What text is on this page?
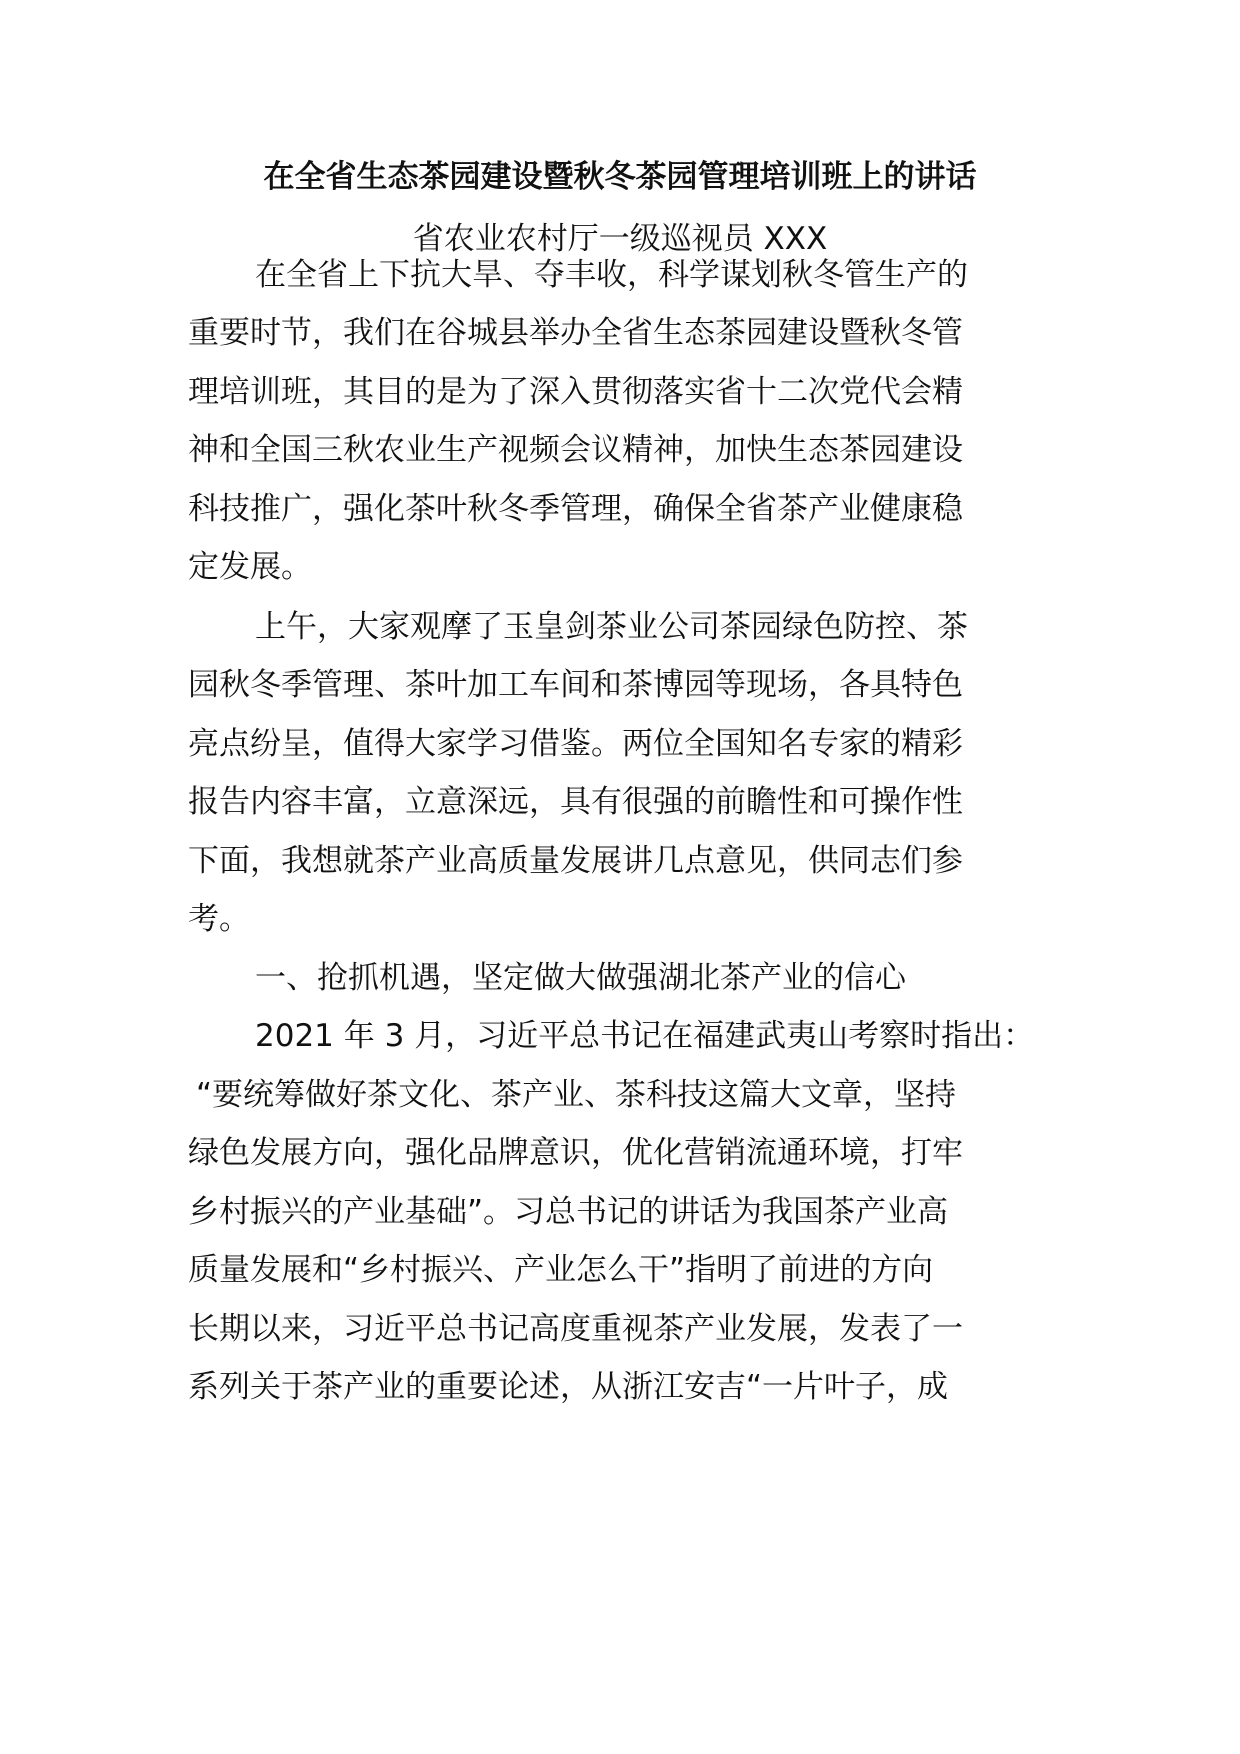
在全省生态茶园建设暨秋冬茶园管理培训班上的讲话
省农业农村厅一级巡视员 XXX
在全省上下抗大旱、夺丰收，科学谋划秋冬管生产的
重要时节，我们在谷城县举办全省生态茶园建设暨秋冬管
理培训班，其目的是为了深入贯彻落实省十二次党代会精
神和全国三秋农业生产视频会议精神，加快生态茶园建设
科技推广，强化茶叶秋冬季管理，确保全省茶产业健康稳
定发展。
上午，大家观摩了玉皇剑茶业公司茶园绿色防控、茶
园秋冬季管理、茶叶加工车间和茶博园等现场，各具特色
亮点纷呈，值得大家学习借鉴。两位全国知名专家的精彩
报告内容丰富，立意深远，具有很强的前瞻性和可操作性
下面，我想就茶产业高质量发展讲几点意见，供同志们参
考。
一、抢抓机遇，坚定做大做强湖北茶产业的信心
2021 年 3 月，习近平总书记在福建武夷山考察时指出：
“要统筹做好茶文化、茶产业、茶科技这篇大文章，坚持
绿色发展方向，强化品牌意识，优化营销流通环境，打牢
乡村振兴的产业基础”。习总书记的讲话为我国茶产业高
质量发展和“乡村振兴、产业怎么干”指明了前进的方向
长期以来，习近平总书记高度重视茶产业发展，发表了一
系列关于茶产业的重要论述，从浙江安吉“一片叶子，成
